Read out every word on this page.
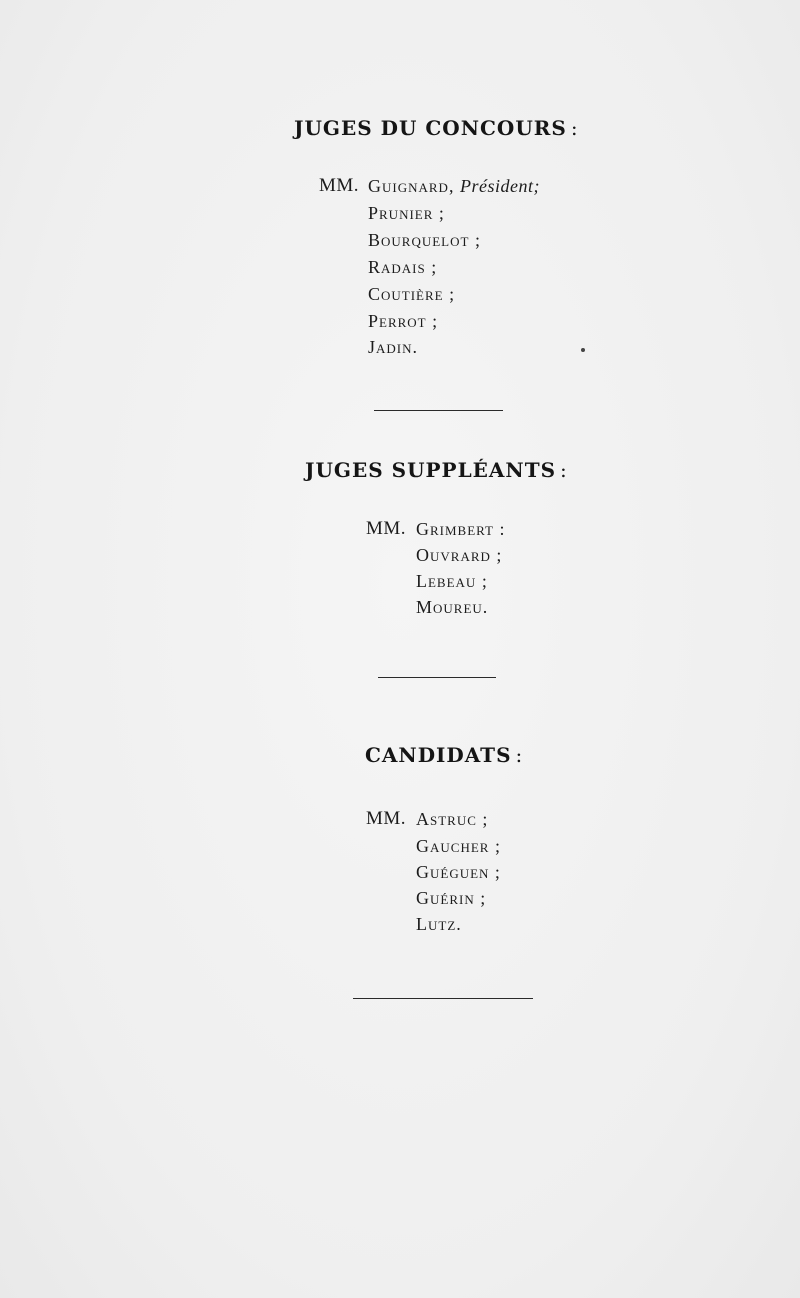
JUGES DU CONCOURS :
MM. Guignard, Président;
Prunier ;
Bourquelot ;
Radais ;
Coutière ;
Perrot ;
Jadin.
JUGES SUPPLÉANTS :
MM. Grimbert :
Ouvrard ;
Lebeau ;
Moureu.
CANDIDATS :
MM. Astruc ;
Gaucher ;
Guéguen ;
Guérin ;
Lutz.
